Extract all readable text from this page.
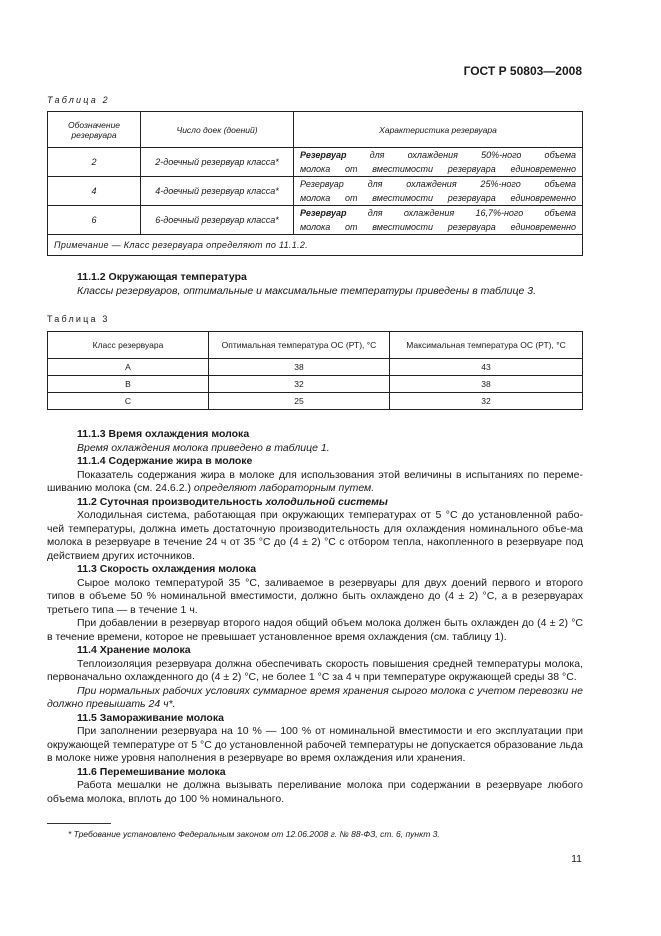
ГОСТ Р 50803—2008
Таблица 2
Обозначение резервуара	Число доек (доений)	Характеристика резервуара
2	2-доечный резервуар класса*	Резервуар для охлаждения 50%-ного объема
молока от вместимости резервуара единовременно
4	4-доечный резервуар класса*	Резервуар для охлаждения 25%-ного объема
молока от вместимости резервуара единовременно
6	6-доечный резервуар класса*	Резервуар для охлаждения 16,7%-ного объема
молока от вместимости резервуара единовременно
Примечание — Класс резервуара определяют по 11.1.2.		

11.1.2 Окружающая температура

Классы резервуаров, оптимальные и максимальные температуры приведены в таблице 3.

Таблица 3
Класс резервуара	Оптимальная температура ОС (РТ), °С	Максимальная температура ОС (РТ), °С
A	38	43
B	32	38
C	25	32

11.1.3 Время охлаждения молока

Время охлаждения молока приведено в таблице 1.

11.1.4 Содержание жира в молоке

Показатель содержания жира в молоке для использования этой величины в испытаниях по переме-шиванию молока (см. 24.6.2.) определяют лабораторным путем.

11.2 Суточная производительность холодильной системы

Холодильная система, работающая при окружающих температурах от 5 °С до установленной рабо-чей температуры, должна иметь достаточную производительность для охлаждения номинального объе-ма молока в резервуаре в течение 24 ч от 35 °С до (4 ± 2) °С с отбором тепла, накопленного в резервуаре под действием других источников.

11.3 Скорость охлаждения молока

Сырое молоко температурой 35 °С, заливаемое в резервуары для двух доений первого и второго типов в объеме 50 % номинальной вместимости, должно быть охлаждено до (4 ± 2) °С, а в резервуарах третьего типа — в течение 1 ч.

При добавлении в резервуар второго надоя общий объем молока должен быть охлажден до (4 ± 2) °С в течение времени, которое не превышает установленное время охлаждения (см. таблицу 1).

11.4 Хранение молока

Теплоизоляция резервуара должна обеспечивать скорость повышения средней температуры молока, первоначально охлажденного до (4 ± 2) °С, не более 1 °С за 4 ч при температуре окружающей среды 38 °С.

При нормальных рабочих условиях суммарное время хранения сырого молока с учетом перевозки не должно превышать 24 ч*.

11.5 Замораживание молока

При заполнении резервуара на 10 % — 100 % от номинальной вместимости и его эксплуатации при окружающей температуре от 5 °С до установленной рабочей температуры не допускается образование льда в молоке ниже уровня наполнения в резервуаре во время охлаждения или хранения.

11.6 Перемешивание молока

Работа мешалки не должна вызывать переливание молока при содержании в резервуаре любого объема молока, вплоть до 100 % номинального.

* Требование установлено Федеральным законом от 12.06.2008 г. № 88-ФЗ, ст. 6, пункт 3.
11
